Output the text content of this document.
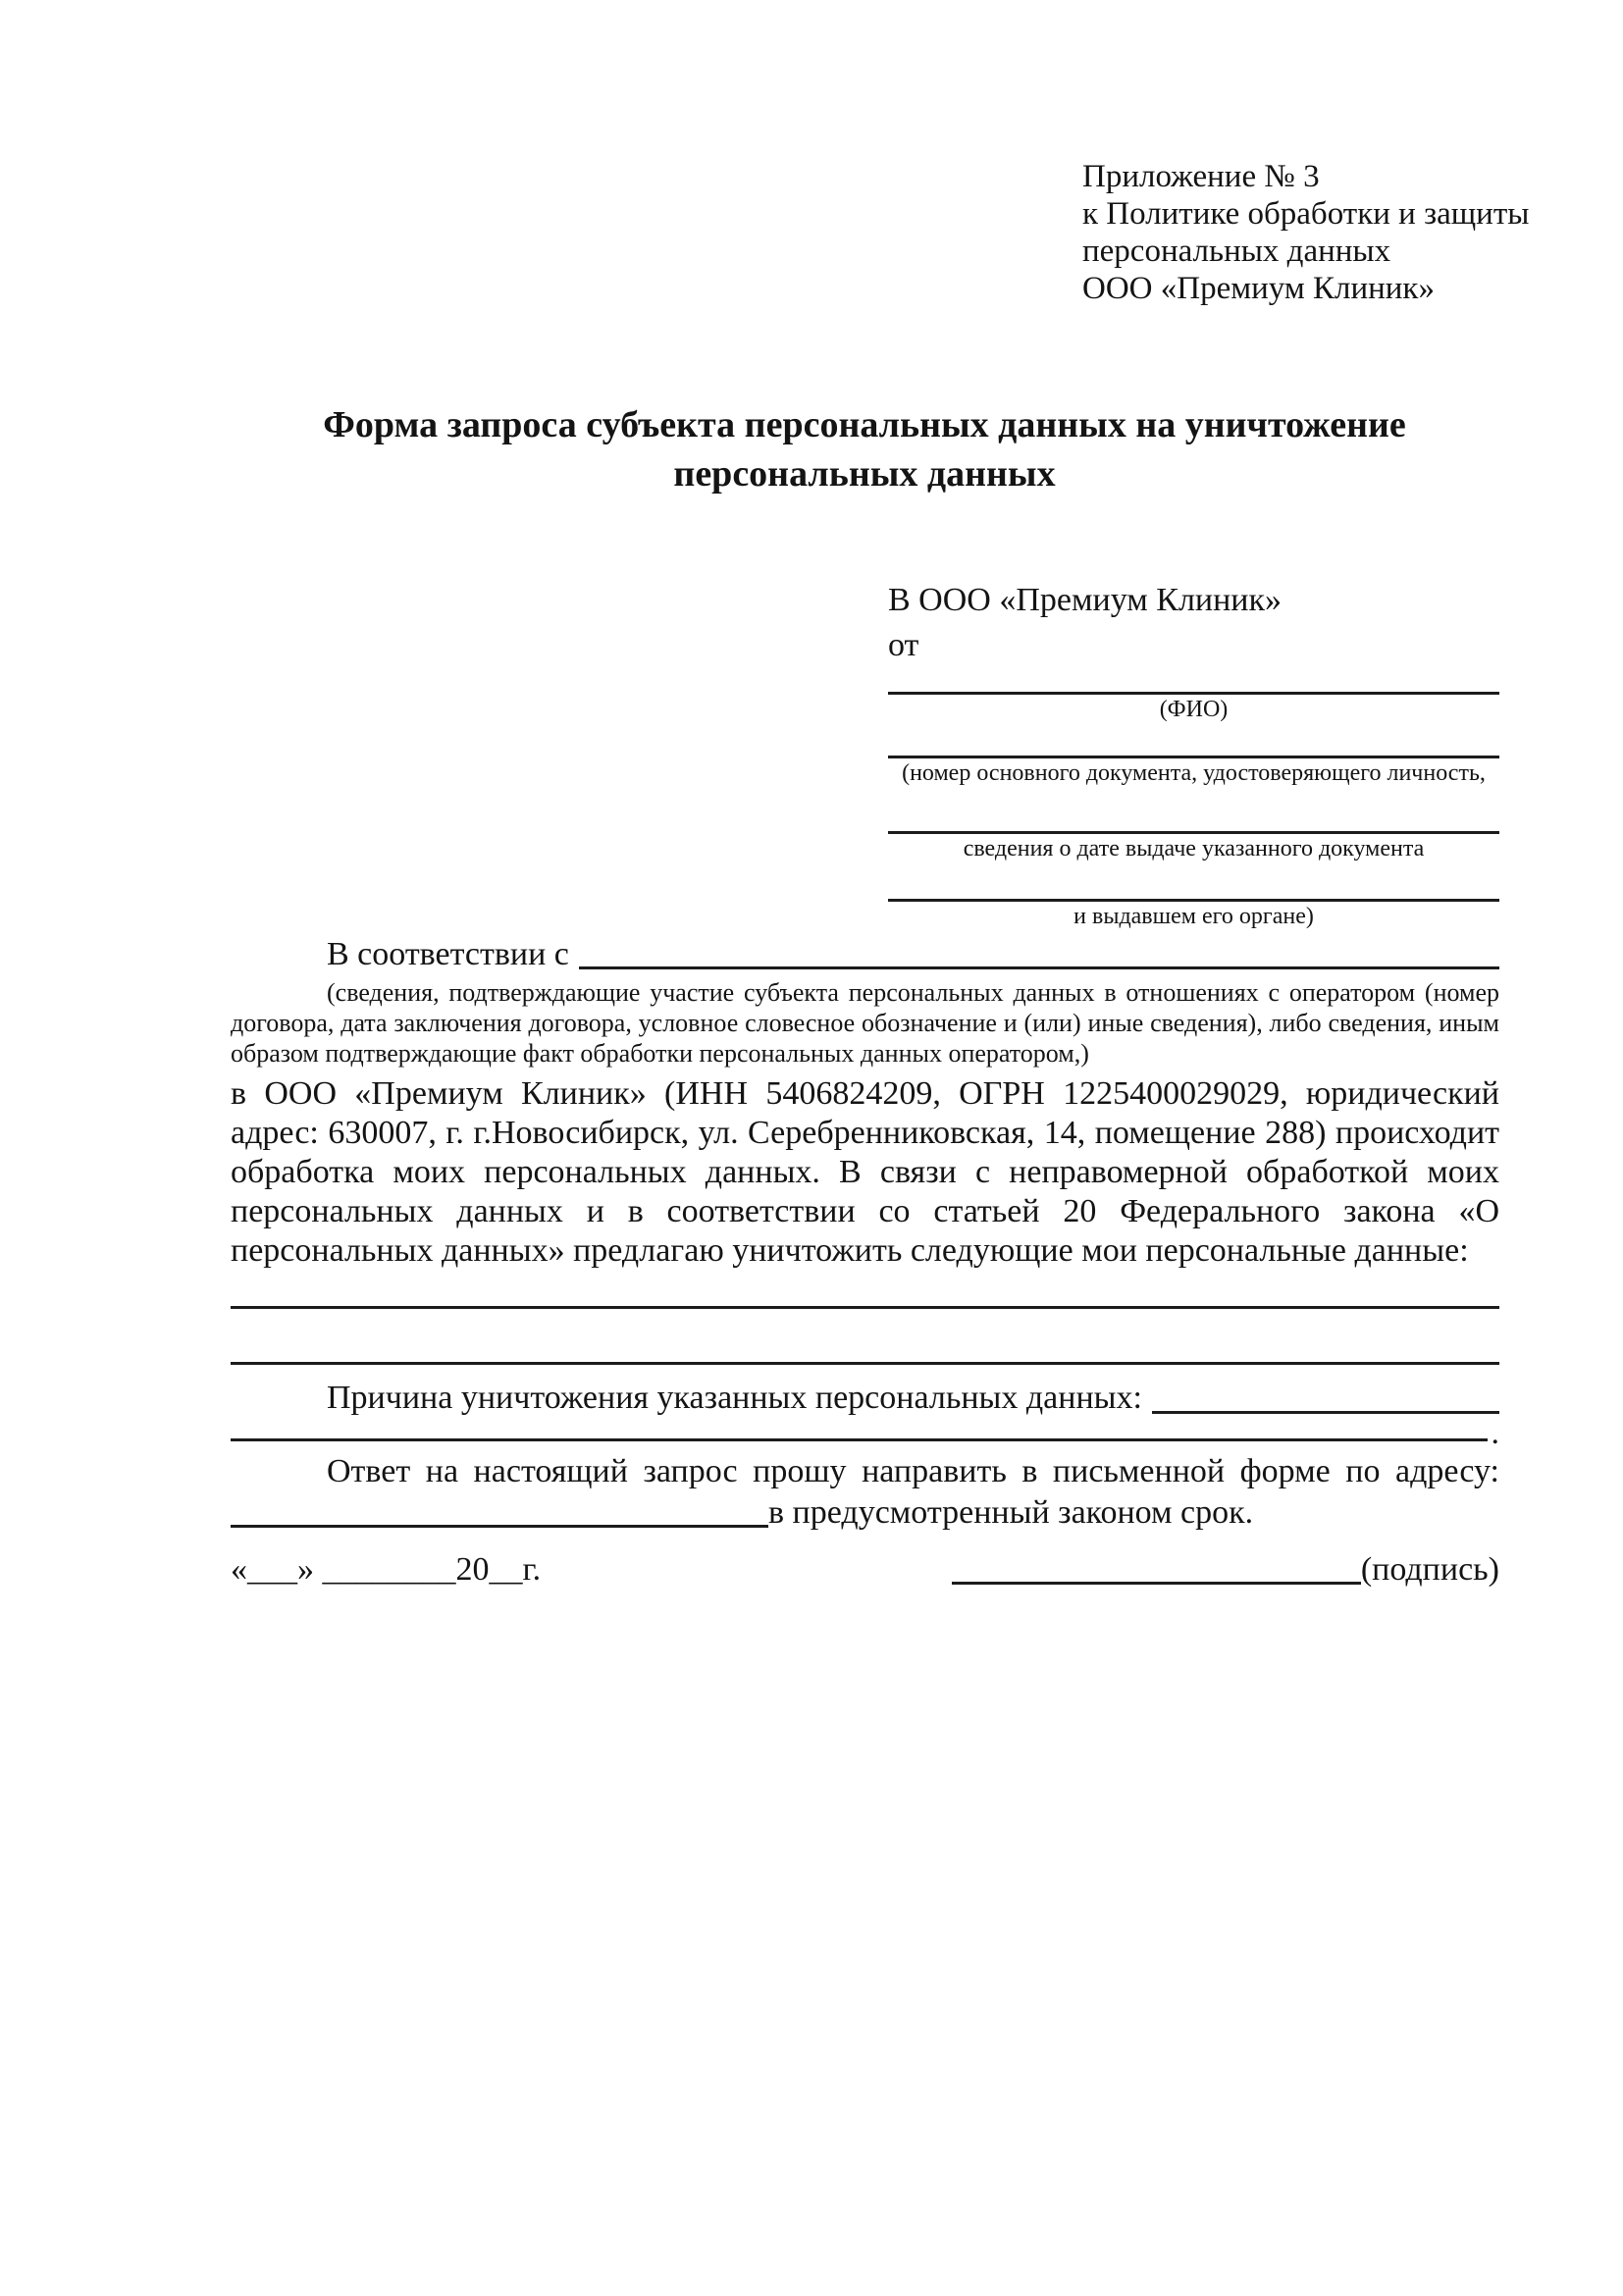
Приложение № 3
к Политике обработки и защиты
персональных данных
ООО «Премиум Клиник»
Форма запроса субъекта персональных данных на уничтожение персональных данных
В ООО «Премиум Клиник»
от
(ФИО)
(номер основного документа, удостоверяющего личность,
сведения о дате выдаче указанного документа
и выдавшем его органе)
В соответствии с

(сведения, подтверждающие участие субъекта персональных данных в отношениях с оператором (номер договора, дата заключения договора, условное словесное обозначение и (или) иные сведения), либо сведения, иным образом подтверждающие факт обработки персональных данных оператором,)

в ООО «Премиум Клиник» (ИНН 5406824209, ОГРН 1225400029029, юридический адрес: 630007, г. г.Новосибирск, ул. Серебренниковская, 14, помещение 288) происходит обработка моих персональных данных. В связи с неправомерной обработкой моих персональных данных и в соответствии со статьей 20 Федерального закона «О персональных данных» предлагаю уничтожить следующие мои персональные данные:

Причина уничтожения указанных персональных данных:
.
Ответ на настоящий запрос прошу направить в письменной форме по адресу:
в предусмотренный законом срок.
«___» ________20__г.	(подпись)
